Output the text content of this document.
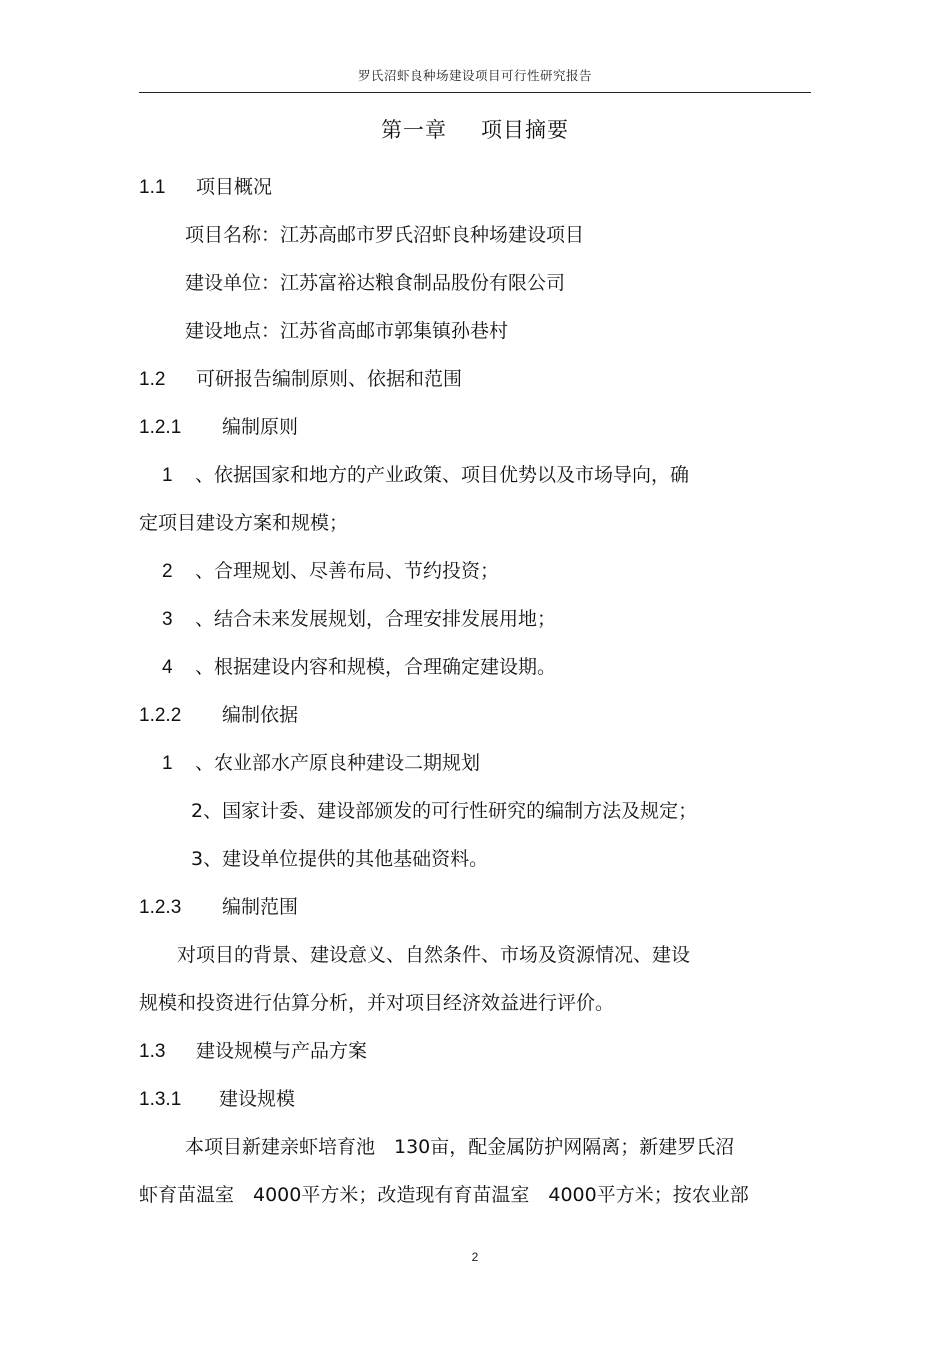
罗氏沼虾良种场建设项目可行性研究报告
第一章 项目摘要
1.1 项目概况
项目名称：江苏高邮市罗氏沼虾良种场建设项目
建设单位：江苏富裕达粮食制品股份有限公司
建设地点：江苏省高邮市郭集镇孙巷村
1.2 可研报告编制原则、依据和范围
1.2.1 编制原则
1 、依据国家和地方的产业政策、项目优势以及市场导向，确
定项目建设方案和规模；
2 、合理规划、尽善布局、节约投资；
3 、结合未来发展规划，合理安排发展用地；
4 、根据建设内容和规模，合理确定建设期。
1.2.2 编制依据
1 、农业部水产原良种建设二期规划
2、国家计委、建设部颁发的可行性研究的编制方法及规定；
3、建设单位提供的其他基础资料。
1.2.3 编制范围
对项目的背景、建设意义、自然条件、市场及资源情况、建设
规模和投资进行估算分析，并对项目经济效益进行评价。
1.3 建设规模与产品方案
1.3.1 建设规模
本项目新建亲虾培育池　130亩，配金属防护网隔离；新建罗氏沼
虾育苗温室　4000平方米；改造现有育苗温室　4000平方米；按农业部
2
